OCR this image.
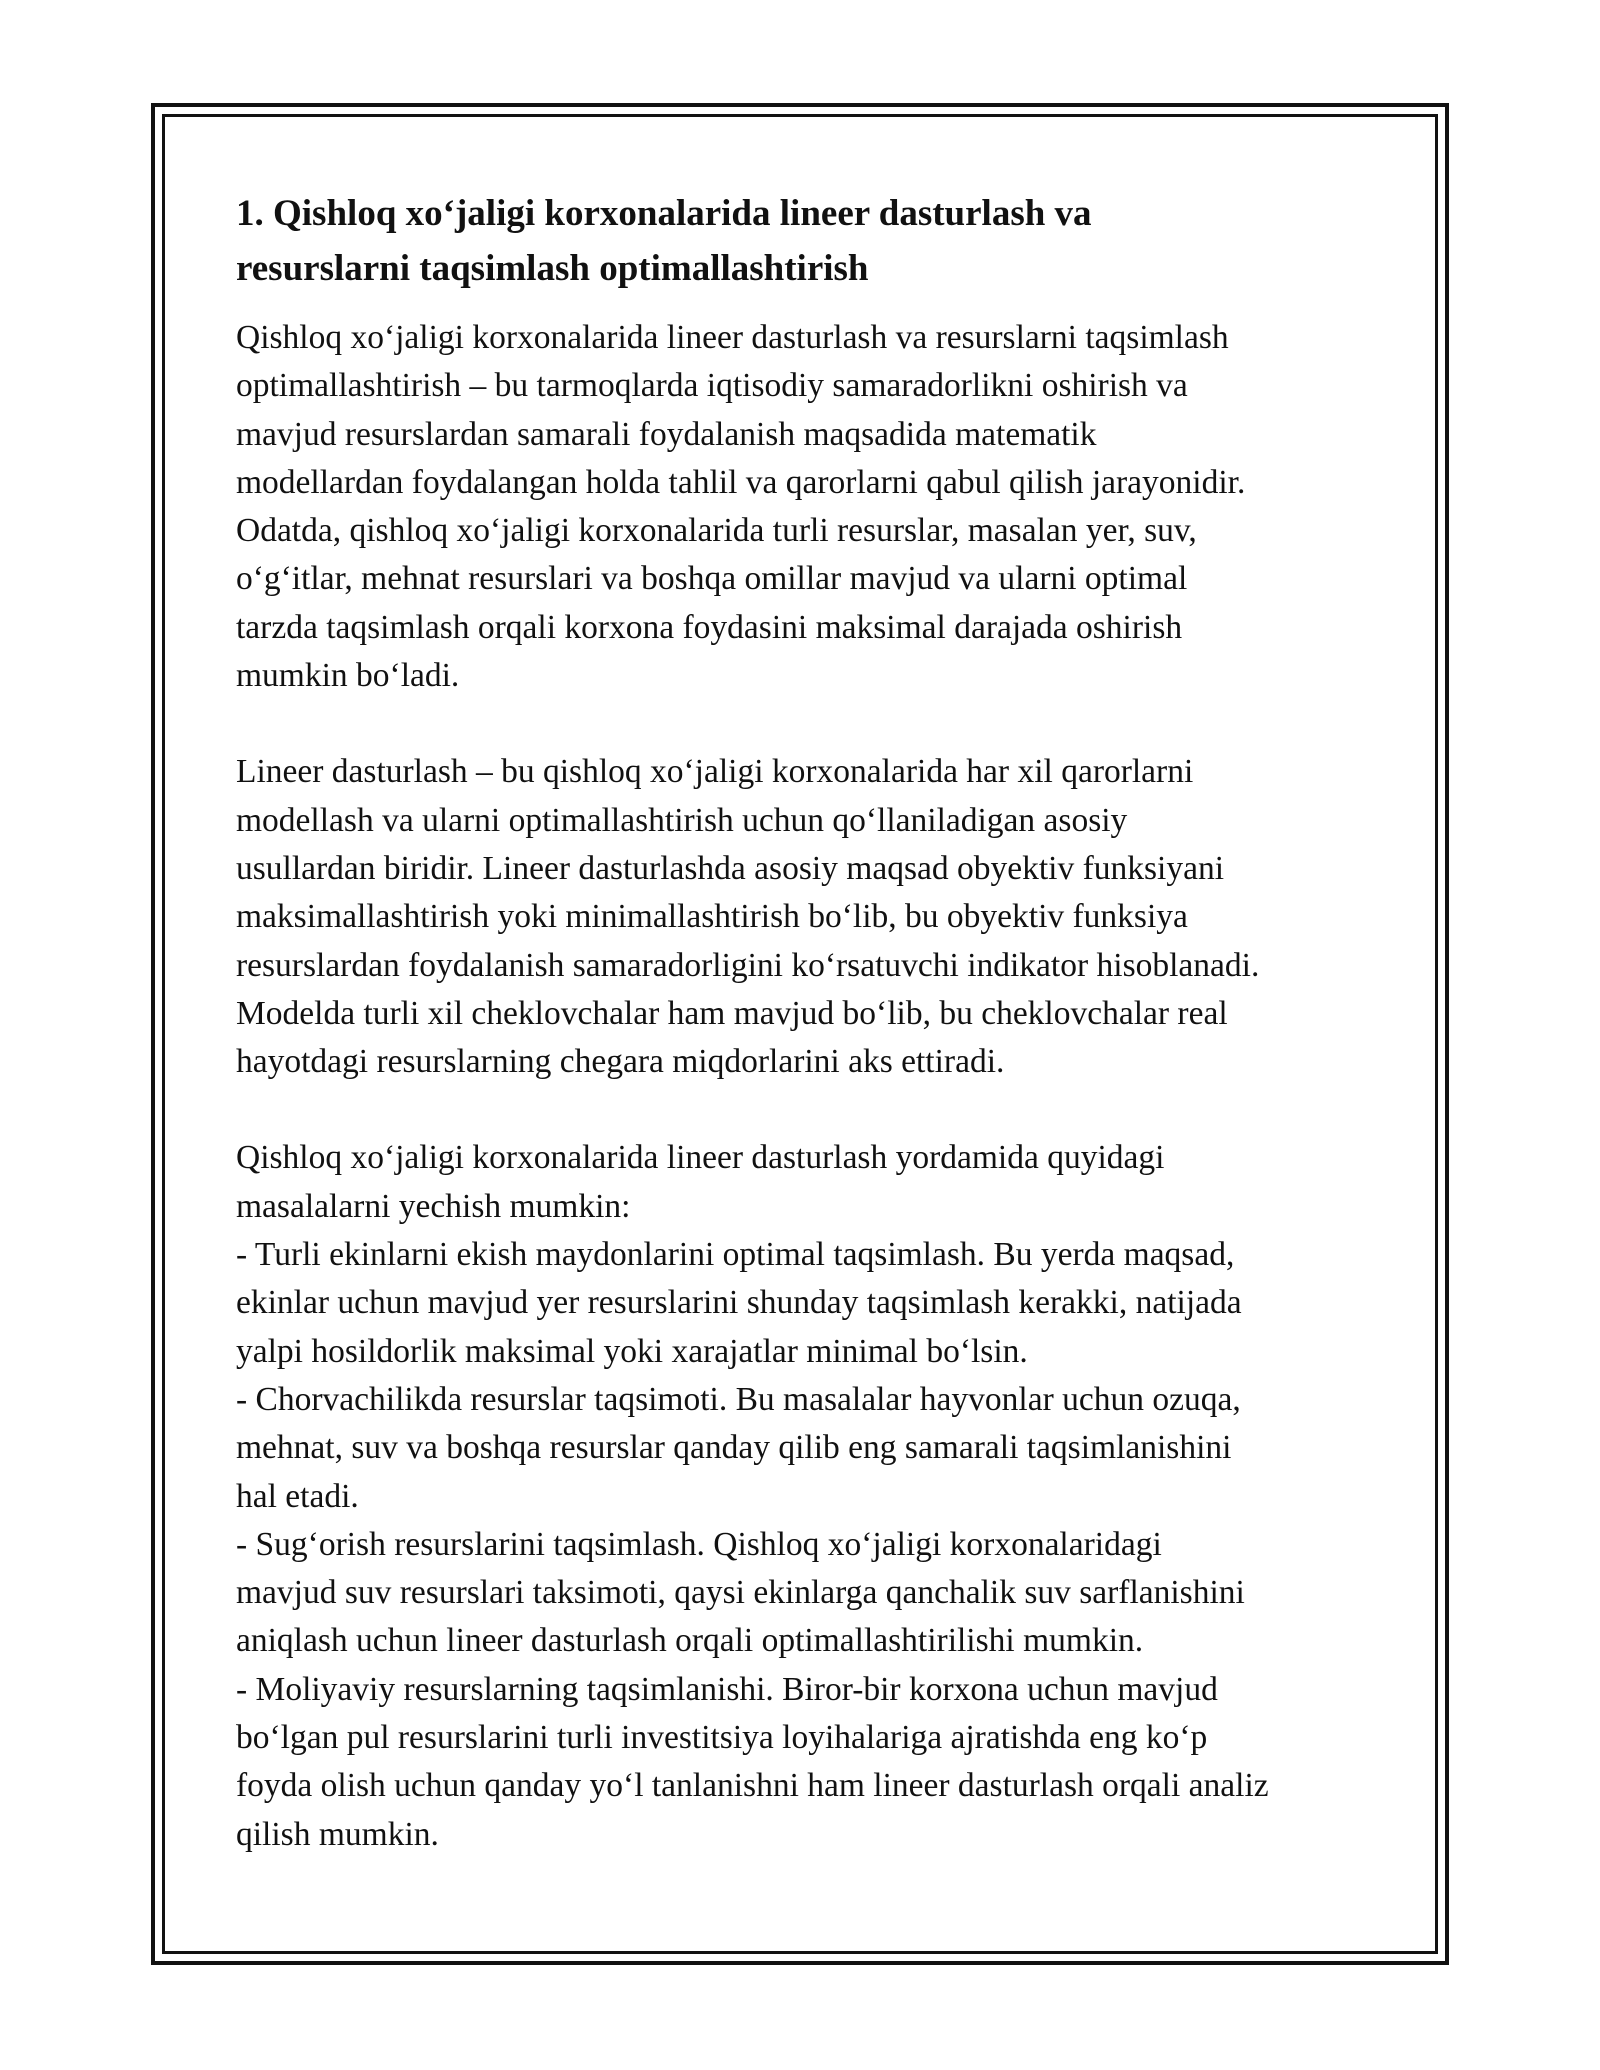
1. Qishloq xo‘jaligi korxonalarida lineer dasturlash va
resurslarni taqsimlash optimallashtirish

Qishloq xo‘jaligi korxonalarida lineer dasturlash va resurslarni taqsimlash
optimallashtirish – bu tarmoqlarda iqtisodiy samaradorlikni oshirish va
mavjud resurslardan samarali foydalanish maqsadida matematik
modellardan foydalangan holda tahlil va qarorlarni qabul qilish jarayonidir.
Odatda, qishloq xo‘jaligi korxonalarida turli resurslar, masalan yer, suv,
o‘g‘itlar, mehnat resurslari va boshqa omillar mavjud va ularni optimal
tarzda taqsimlash orqali korxona foydasini maksimal darajada oshirish
mumkin bo‘ladi.

Lineer dasturlash – bu qishloq xo‘jaligi korxonalarida har xil qarorlarni
modellash va ularni optimallashtirish uchun qo‘llaniladigan asosiy
usullardan biridir. Lineer dasturlashda asosiy maqsad obyektiv funksiyani
maksimallashtirish yoki minimallashtirish bo‘lib, bu obyektiv funksiya
resurslardan foydalanish samaradorligini ko‘rsatuvchi indikator hisoblanadi.
Modelda turli xil cheklovchalar ham mavjud bo‘lib, bu cheklovchalar real
hayotdagi resurslarning chegara miqdorlarini aks ettiradi.

Qishloq xo‘jaligi korxonalarida lineer dasturlash yordamida quyidagi
masalalarni yechish mumkin:
- Turli ekinlarni ekish maydonlarini optimal taqsimlash. Bu yerda maqsad,
ekinlar uchun mavjud yer resurslarini shunday taqsimlash kerakki, natijada
yalpi hosildorlik maksimal yoki xarajatlar minimal bo‘lsin.
- Chorvachilikda resurslar taqsimoti. Bu masalalar hayvonlar uchun ozuqa,
mehnat, suv va boshqa resurslar qanday qilib eng samarali taqsimlanishini
hal etadi.
- Sug‘orish resurslarini taqsimlash. Qishloq xo‘jaligi korxonalaridagi
mavjud suv resurslari taksimoti, qaysi ekinlarga qanchalik suv sarflanishini
aniqlash uchun lineer dasturlash orqali optimallashtirilishi mumkin.
- Moliyaviy resurslarning taqsimlanishi. Biror-bir korxona uchun mavjud
bo‘lgan pul resurslarini turli investitsiya loyihalariga ajratishda eng ko‘p
foyda olish uchun qanday yo‘l tanlanishni ham lineer dasturlash orqali analiz
qilish mumkin.
